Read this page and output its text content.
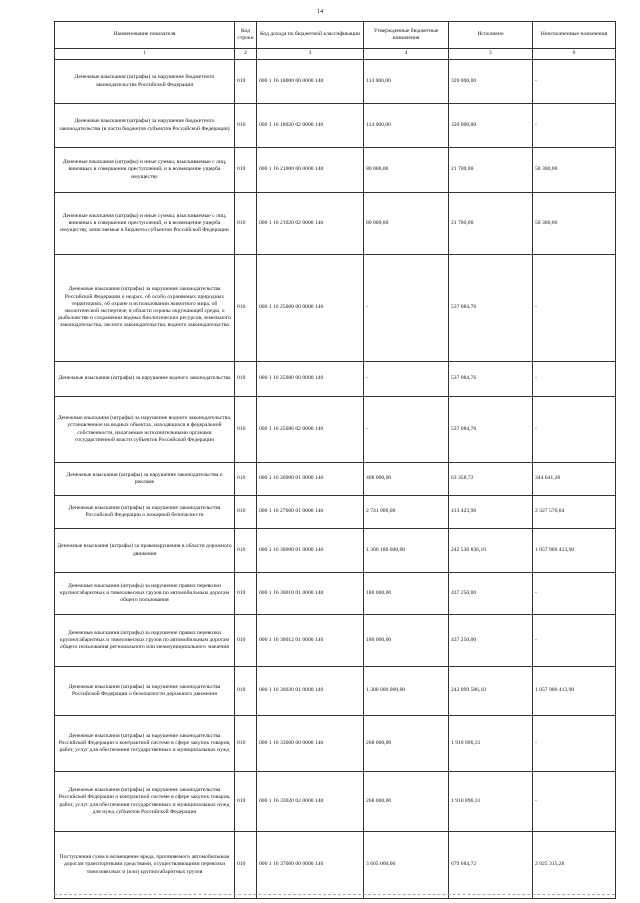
14
Наименование показателя	Код строки	Код дохода по бюджетной классификации	Утвержденные бюджетные назначения	Исполнено	Неисполненные назначения
1	2	3	4	5	6
Денежные взыскания (штрафы) за нарушение бюджетного законодательства Российской Федерации	010	000 1 16 18000 00 0000 140	114 000,00	320 000,00	-
Денежные взыскания (штрафы) за нарушение бюджетного законодательства (в части бюджетов субъектов Российской Федерации)	010	000 1 16 18020 02 0000 140	114 000,00	320 000,00	-
Денежные взыскания (штрафы) и иные суммы, взыскиваемые с лиц, виновных в совершении преступлений, и в возмещение ущерба имуществу	010	000 1 16 21000 00 0000 140	80 000,00	21 700,00	58 300,00
Денежные взыскания (штрафы) и иные суммы, взыскиваемые с лиц, виновных в совершении преступлений, и в возмещение ущерба имуществу, зачисляемые в бюджеты субъектов Российской Федерации	010	000 1 16 21020 02 0000 140	80 000,00	21 700,00	58 300,00
Денежные взыскания (штрафы) за нарушение законодательства Российской Федерации о недрах, об особо охраняемых природных территориях, об охране и использовании животного мира, об экологической экспертизе, в области охраны окружающей среды, о рыболовстве и сохранении водных биологических ресурсов, земельного законодательства, лесного законодательства, водного законодательства	010	000 1 16 25000 00 0000 140	-	537 084,76	-
Денежные взыскания (штрафы) за нарушение водного законодательства	010	000 1 16 25080 00 0000 140	-	537 084,76	-
Денежные взыскания (штрафы) за нарушение водного законодательства, установленное на водных объектах, находящихся в федеральной собственности, налагаемые исполнительными органами государственной власти субъектов Российской Федерации	010	000 1 16 25086 02 0000 140	-	537 084,76	-
Денежные взыскания (штрафы) за нарушение законодательства о рекламе	010	000 1 16 26000 01 0000 140	408 000,00	63 358,72	344 641,28
Денежные взыскания (штрафы) за нарушение законодательства Российской Федерации о пожарной безопасности	010	000 1 16 27000 01 0000 140	2 741 000,00	413 423,96	2 327 576,04
Денежные взыскания (штрафы) за правонарушения в области дорожного движения	010	000 1 16 30000 01 0000 140	1 300 180 000,00	242 536 836,10	1 057 900 413,90
Денежные взыскания (штрафы) за нарушение правил перевозки крупногабаритных и тяжеловесных грузов по автомобильным дорогам общего пользования	010	000 1 16 30010 01 0000 140	180 000,00	437 250,00	-
Денежные взыскания (штрафы) за нарушение правил перевозки крупногабаритных и тяжеловесных грузов по автомобильным дорогам общего пользования регионального или межмуниципального значения	010	000 1 16 30012 01 0000 140	180 000,00	437 250,00	-
Денежные взыскания (штрафы) за нарушение законодательства Российской Федерации о безопасности дорожного движения	010	000 1 16 30020 01 0000 140	1 300 000 000,00	242 099 586,10	1 057 900 413,90
Денежные взыскания (штрафы) за нарушение законодательства Российской Федерации о контрактной системе в сфере закупок товаров, работ, услуг для обеспечения государственных и муниципальных нужд	010	000 1 16 33000 00 0000 140	268 000,00	1 910 896,31	-
Денежные взыскания (штрафы) за нарушение законодательства Российской Федерации о контрактной системе в сфере закупок товаров, работ, услуг для обеспечения государственных и муниципальных нужд для нужд субъектов Российской Федерации	010	000 1 16 33020 02 0000 140	268 000,00	1 910 896,31	-
Поступления сумм в возмещение вреда, причиняемого автомобильным дорогам транспортными средствами, осуществляющими перевозки тяжеловесных и (или) крупногабаритных грузов	010	000 1 16 37000 00 0000 140	3 605 000,00	679 684,72	2 925 315,28
